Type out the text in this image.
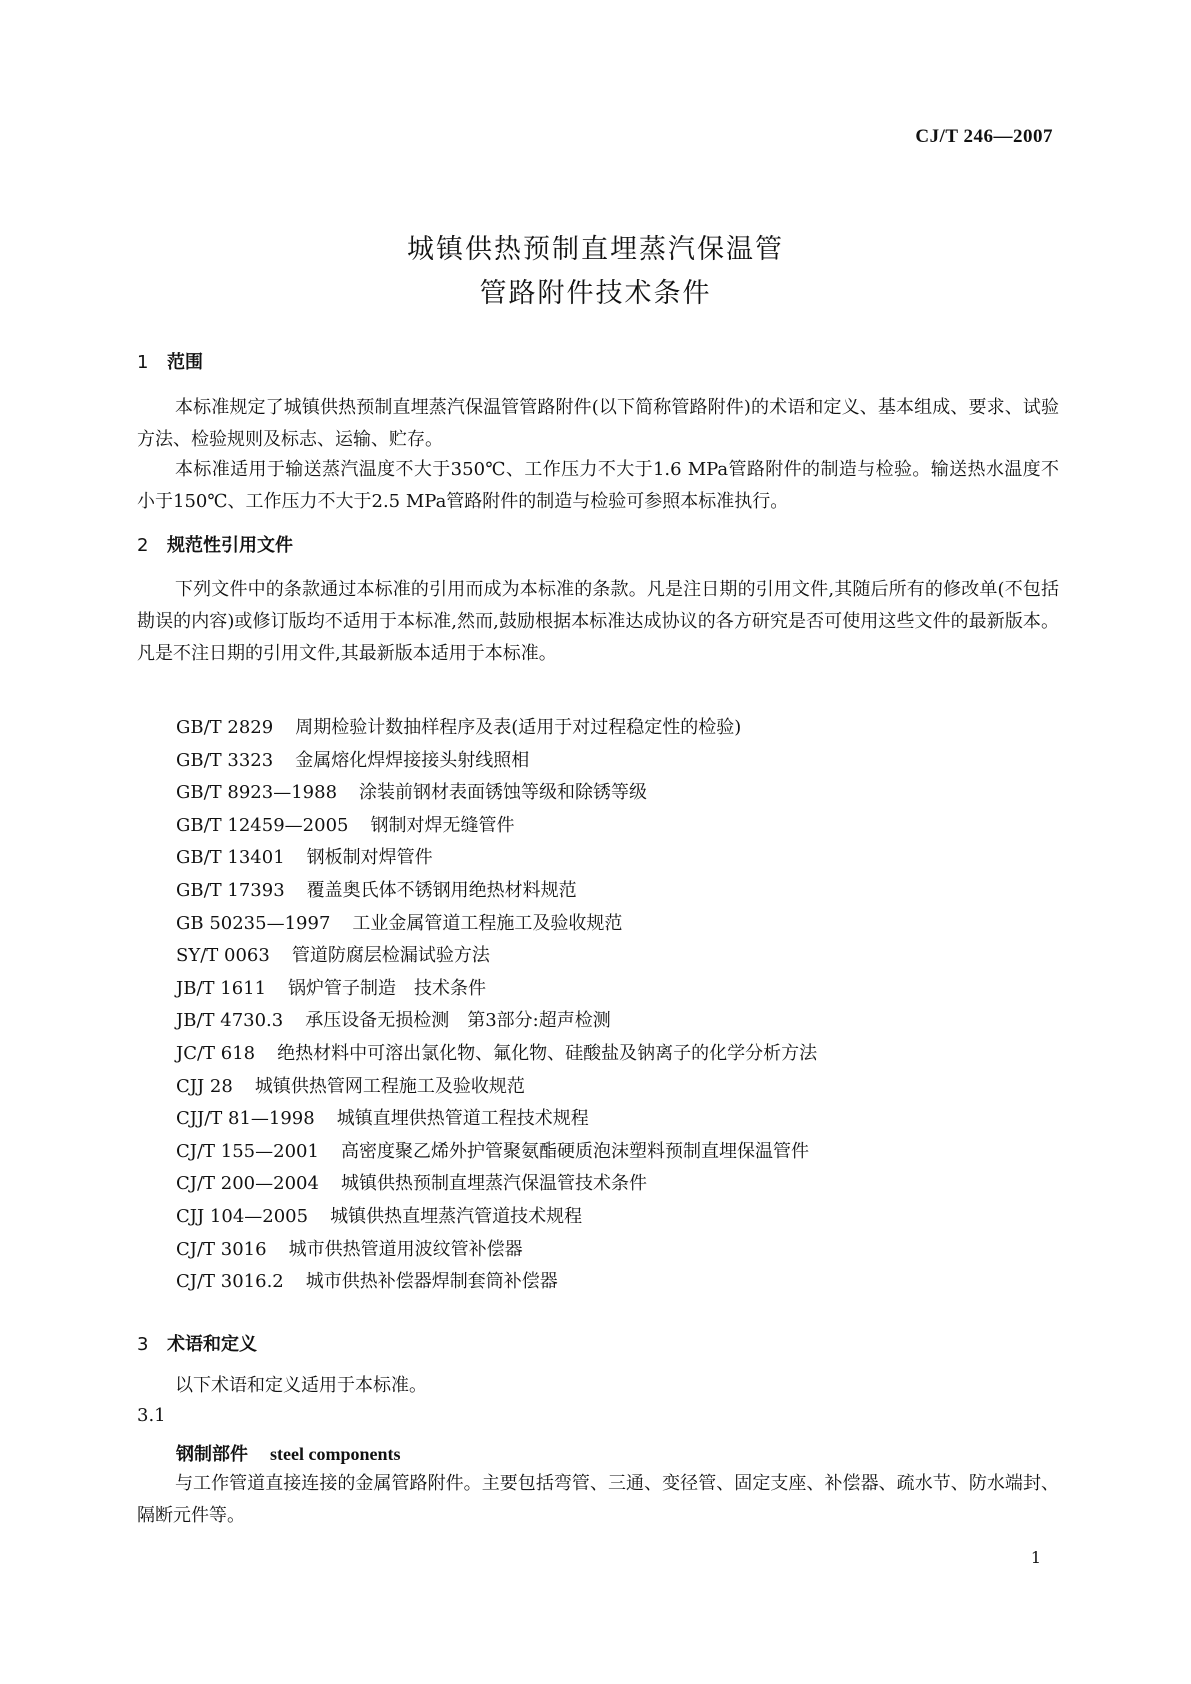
CJ/T 246—2007
城镇供热预制直埋蒸汽保温管
管路附件技术条件
1 范围
本标准规定了城镇供热预制直埋蒸汽保温管管路附件(以下简称管路附件)的术语和定义、基本组成、要求、试验方法、检验规则及标志、运输、贮存。
本标准适用于输送蒸汽温度不大于350℃、工作压力不大于1.6 MPa管路附件的制造与检验。输送热水温度不小于150℃、工作压力不大于2.5 MPa管路附件的制造与检验可参照本标准执行。
2 规范性引用文件
下列文件中的条款通过本标准的引用而成为本标准的条款。凡是注日期的引用文件,其随后所有的修改单(不包括勘误的内容)或修订版均不适用于本标准,然而,鼓励根据本标准达成协议的各方研究是否可使用这些文件的最新版本。凡是不注日期的引用文件,其最新版本适用于本标准。
GB/T 2829 周期检验计数抽样程序及表(适用于对过程稳定性的检验)
GB/T 3323 金属熔化焊焊接接头射线照相
GB/T 8923—1988 涂装前钢材表面锈蚀等级和除锈等级
GB/T 12459—2005 钢制对焊无缝管件
GB/T 13401 钢板制对焊管件
GB/T 17393 覆盖奥氏体不锈钢用绝热材料规范
GB 50235—1997 工业金属管道工程施工及验收规范
SY/T 0063 管道防腐层检漏试验方法
JB/T 1611 锅炉管子制造　技术条件
JB/T 4730.3 承压设备无损检测　第3部分:超声检测
JC/T 618 绝热材料中可溶出氯化物、氟化物、硅酸盐及钠离子的化学分析方法
CJJ 28 城镇供热管网工程施工及验收规范
CJJ/T 81—1998 城镇直埋供热管道工程技术规程
CJ/T 155—2001 高密度聚乙烯外护管聚氨酯硬质泡沫塑料预制直埋保温管件
CJ/T 200—2004 城镇供热预制直埋蒸汽保温管技术条件
CJJ 104—2005 城镇供热直埋蒸汽管道技术规程
CJ/T 3016 城市供热管道用波纹管补偿器
CJ/T 3016.2 城市供热补偿器焊制套筒补偿器
3 术语和定义
以下术语和定义适用于本标准。
3.1
钢制部件 steel components
与工作管道直接连接的金属管路附件。主要包括弯管、三通、变径管、固定支座、补偿器、疏水节、防水端封、隔断元件等。
1
